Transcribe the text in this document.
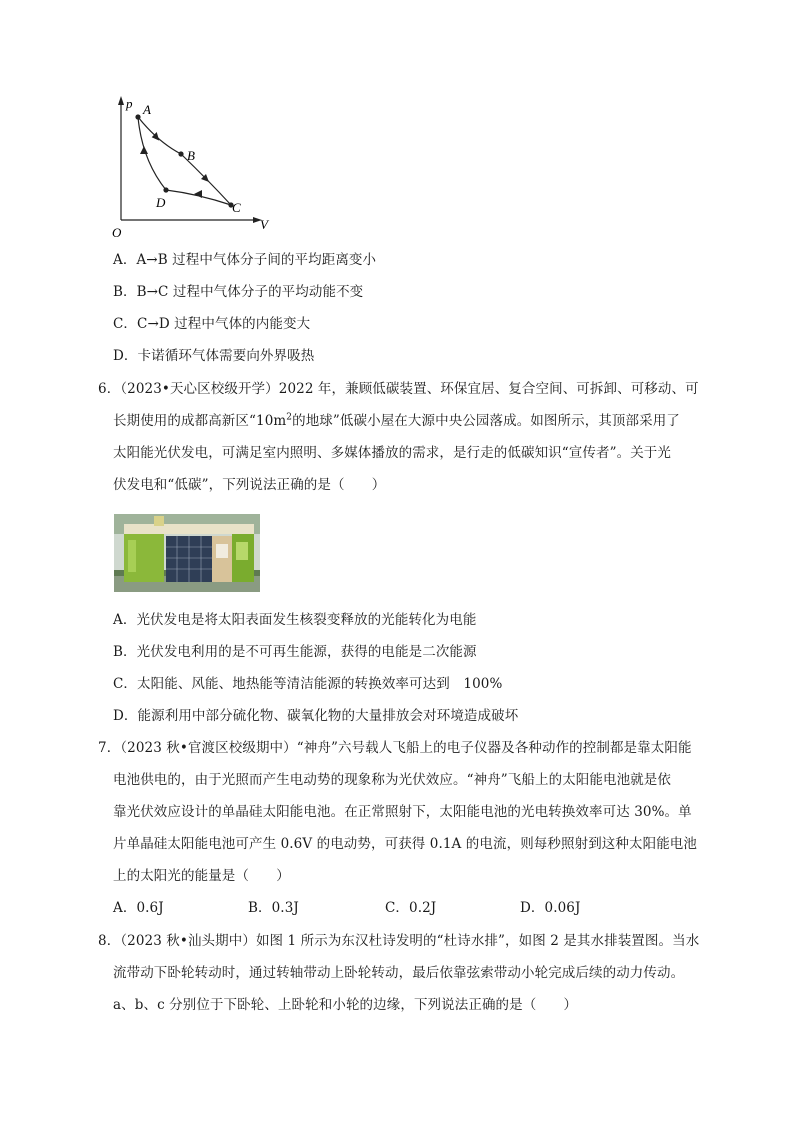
p
V
O
A
B
C
D
A．A→B 过程中气体分子间的平均距离变小
B．B→C 过程中气体分子的平均动能不变
C．C→D 过程中气体的内能变大
D．卡诺循环气体需要向外界吸热
6．（2023•天心区校级开学）2022 年，兼顾低碳装置、环保宜居、复合空间、可拆卸、可移动、可
长期使用的成都高新区“$10m^2$的地球”低碳小屋在大源中央公园落成。如图所示，其顶部采用了
太阳能光伏发电，可满足室内照明、多媒体播放的需求，是行走的低碳知识“宣传者”。关于光
伏发电和“低碳”，下列说法正确的是（　　）
A．光伏发电是将太阳表面发生核裂变释放的光能转化为电能
B．光伏发电利用的是不可再生能源，获得的电能是二次能源
C．太阳能、风能、地热能等清洁能源的转换效率可达到　100%
D．能源利用中部分硫化物、碳氧化物的大量排放会对环境造成破坏
7．（2023 秋•官渡区校级期中）“神舟”六号载人飞船上的电子仪器及各种动作的控制都是靠太阳能
电池供电的，由于光照而产生电动势的现象称为光伏效应。“神舟”飞船上的太阳能电池就是依
靠光伏效应设计的单晶硅太阳能电池。在正常照射下，太阳能电池的光电转换效率可达 30%。单
片单晶硅太阳能电池可产生 0.6V 的电动势，可获得 0.1A 的电流，则每秒照射到这种太阳能电池
上的太阳光的能量是（　　）
A．0.6J	B．0.3J	C．0.2J	D．0.06J
8．（2023 秋•汕头期中）如图 1 所示为东汉杜诗发明的“杜诗水排”，如图 2 是其水排装置图。当水
流带动下卧轮转动时，通过转轴带动上卧轮转动，最后依靠弦索带动小轮完成后续的动力传动。
a、b、c 分别位于下卧轮、上卧轮和小轮的边缘，下列说法正确的是（　　）
